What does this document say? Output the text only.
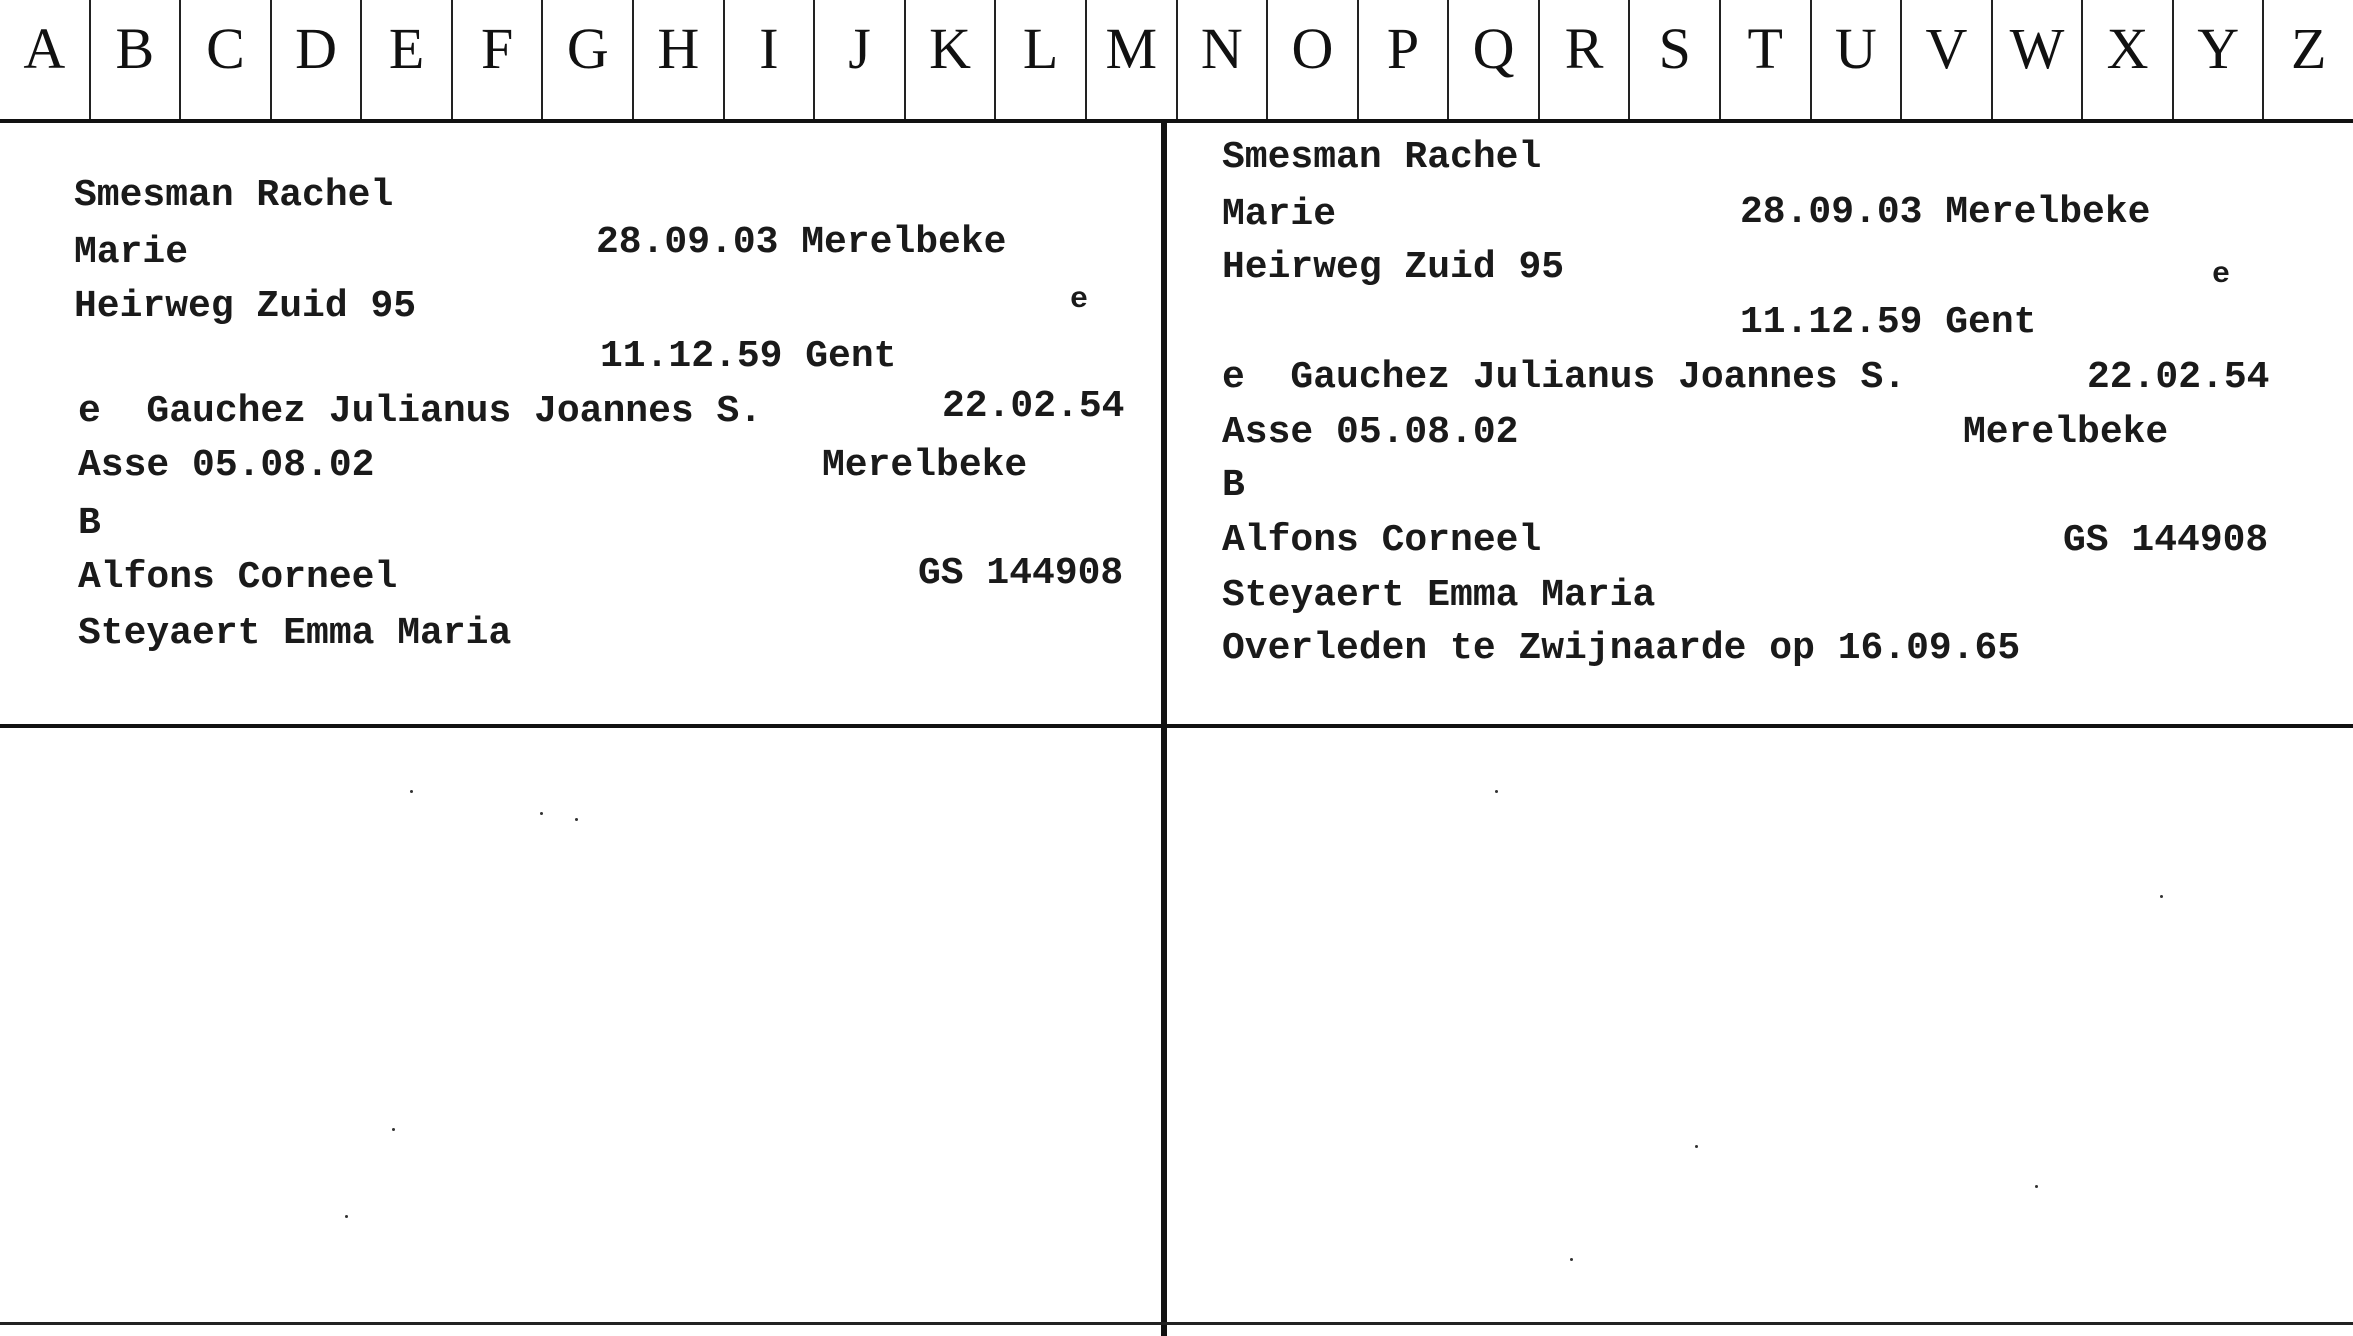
A B C D E F G H	I	J	K L M N O P Q R S T U V W X Y Z
Smesman Rachel
Marie	28.09.03 Merelbeke
Heirweg Zuid 95	e
11.12.59 Gent
e  Gauchez Julianus Joannes S.	22.02.54
Asse 05.08.02	Merelbeke
B
Alfons Corneel	GS 144908
Steyaert Emma Maria
Smesman Rachel
Marie	28.09.03 Merelbeke
Heirweg Zuid 95	e
11.12.59 Gent
e  Gauchez Julianus Joannes S.	22.02.54
Asse 05.08.02	Merelbeke
B
Alfons Corneel	GS 144908
Steyaert Emma Maria
Overleden te Zwijnaarde op 16.09.65
